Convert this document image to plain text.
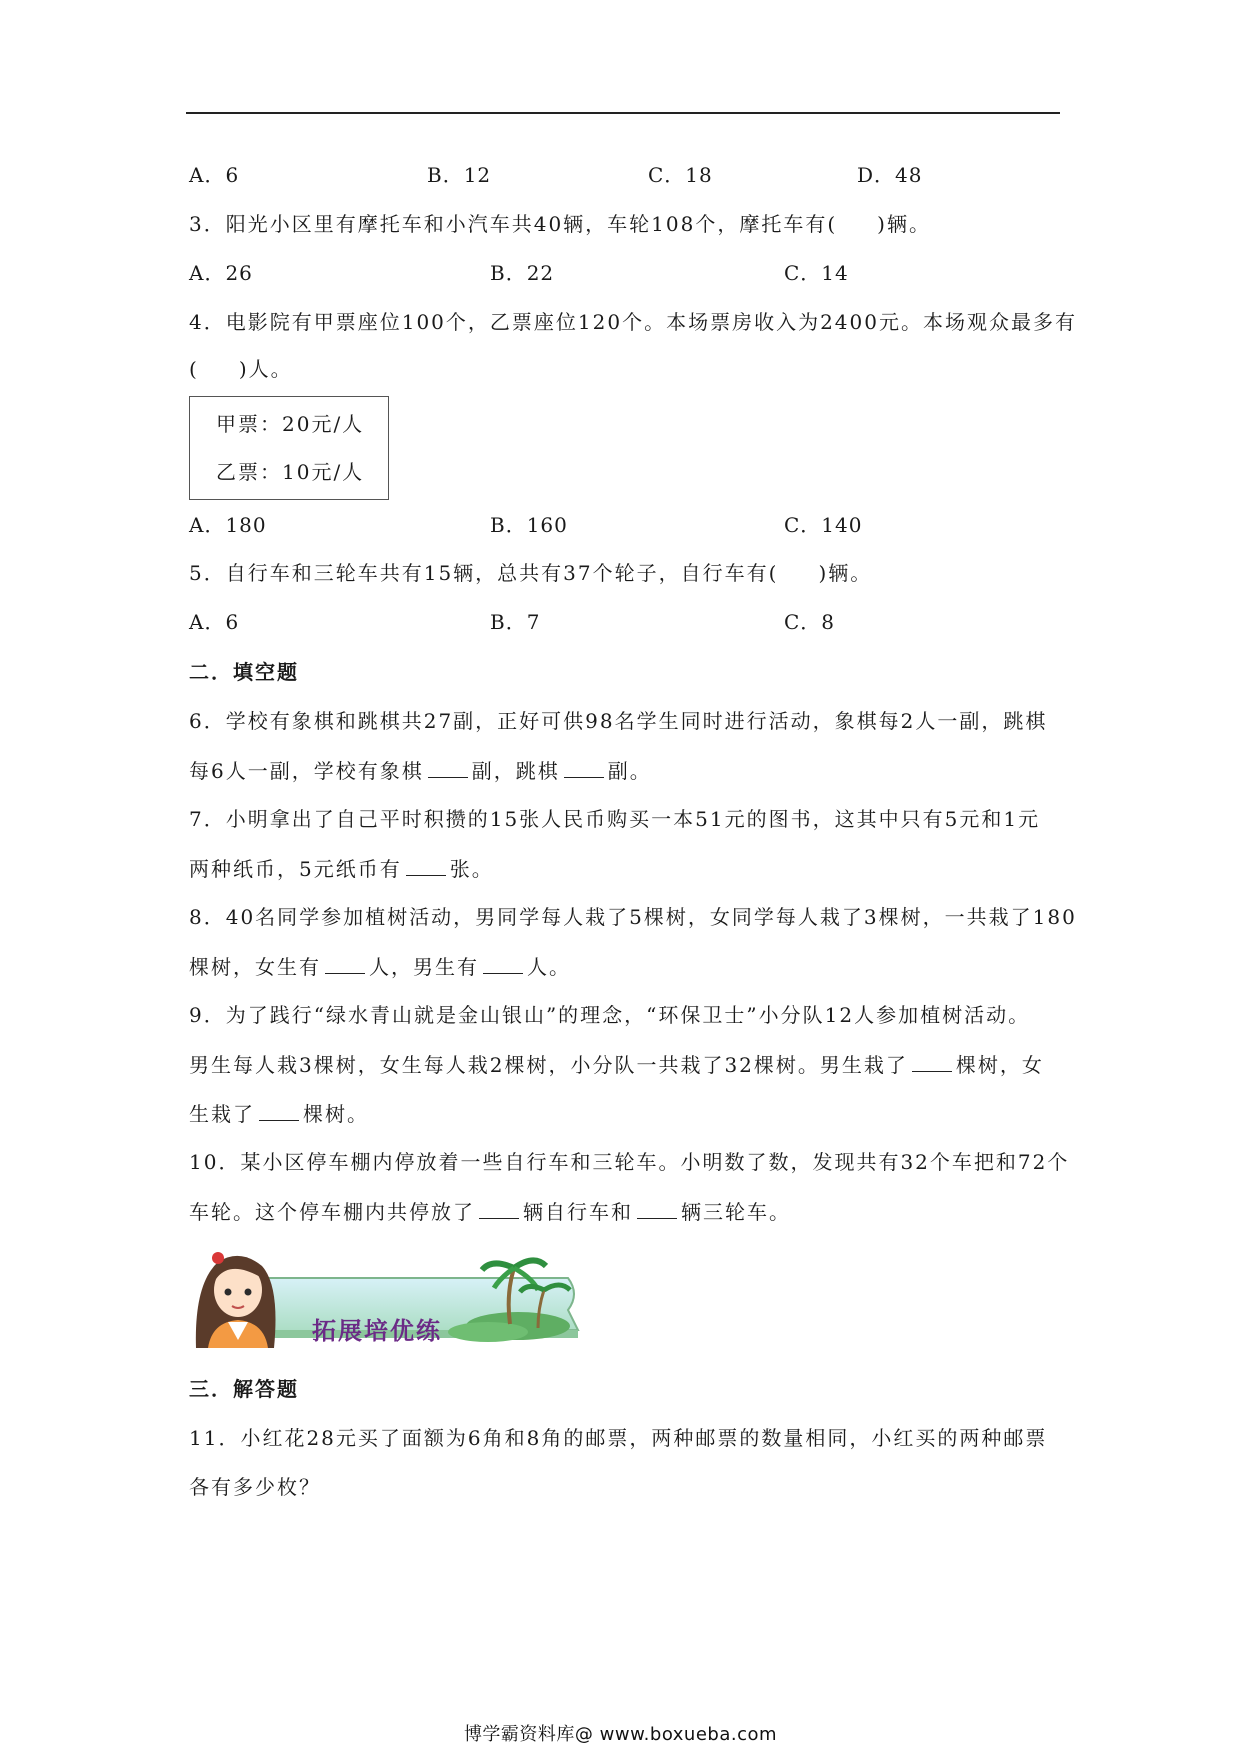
A．6	B．12	C．18	D．48
3．阳光小区里有摩托车和小汽车共40辆，车轮108个，摩托车有( )辆。
A．26	B．22	C．14
4．电影院有甲票座位100个，乙票座位120个。本场票房收入为2400元。本场观众最多有
( )人。
甲票：20元/人
乙票：10元/人
A．180	B．160	C．140
5．自行车和三轮车共有15辆，总共有37个轮子，自行车有( )辆。
A．6	B．7	C．8
二．填空题
6．学校有象棋和跳棋共27副，正好可供98名学生同时进行活动，象棋每2人一副，跳棋
每6人一副，学校有象棋 副，跳棋 副。
7．小明拿出了自己平时积攒的15张人民币购买一本51元的图书，这其中只有5元和1元
两种纸币，5元纸币有 张。
8．40名同学参加植树活动，男同学每人栽了5棵树，女同学每人栽了3棵树，一共栽了180
棵树，女生有 人，男生有 人。
9．为了践行“绿水青山就是金山银山”的理念，“环保卫士”小分队12人参加植树活动。
男生每人栽3棵树，女生每人栽2棵树，小分队一共栽了32棵树。男生栽了 棵树，女
生栽了 棵树。
10．某小区停车棚内停放着一些自行车和三轮车。小明数了数，发现共有32个车把和72个
车轮。这个停车棚内共停放了 辆自行车和 辆三轮车。
拓展培优练
三．解答题
11．小红花28元买了面额为6角和8角的邮票，两种邮票的数量相同，小红买的两种邮票
各有多少枚？
博学霸资料库@ www.boxueba.com
